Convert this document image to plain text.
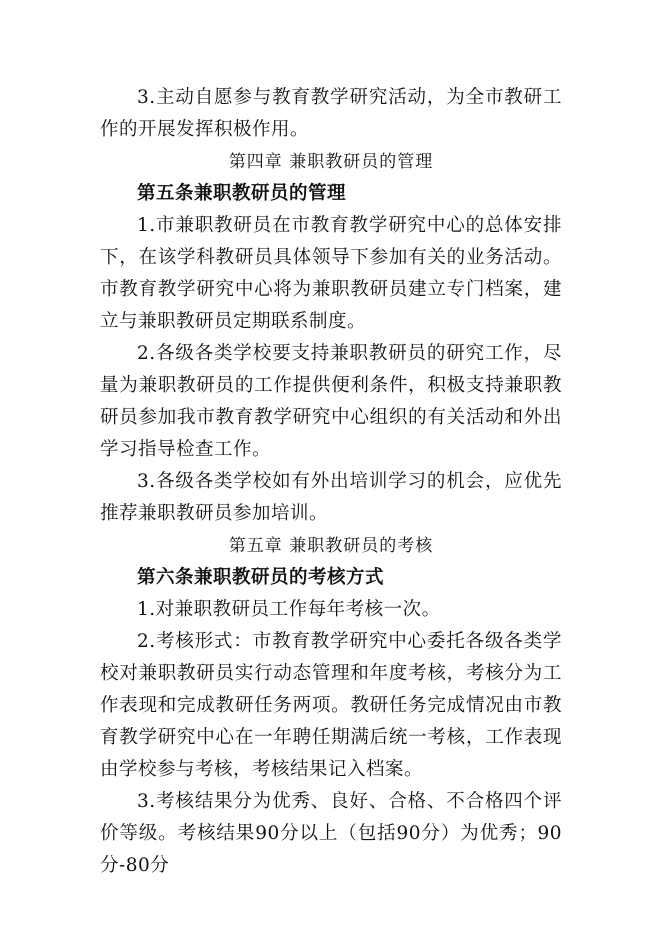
3.主动自愿参与教育教学研究活动，为全市教研工作的开展发挥积极作用。

第四章 兼职教研员的管理

第五条兼职教研员的管理

1.市兼职教研员在市教育教学研究中心的总体安排下，在该学科教研员具体领导下参加有关的业务活动。市教育教学研究中心将为兼职教研员建立专门档案，建立与兼职教研员定期联系制度。

2.各级各类学校要支持兼职教研员的研究工作，尽量为兼职教研员的工作提供便利条件，积极支持兼职教研员参加我市教育教学研究中心组织的有关活动和外出学习指导检查工作。

3.各级各类学校如有外出培训学习的机会，应优先推荐兼职教研员参加培训。

第五章 兼职教研员的考核

第六条兼职教研员的考核方式

1.对兼职教研员工作每年考核一次。

2.考核形式：市教育教学研究中心委托各级各类学校对兼职教研员实行动态管理和年度考核，考核分为工作表现和完成教研任务两项。教研任务完成情况由市教育教学研究中心在一年聘任期满后统一考核，工作表现由学校参与考核，考核结果记入档案。

3.考核结果分为优秀、良好、合格、不合格四个评价等级。考核结果90分以上（包括90分）为优秀；90分-80分
